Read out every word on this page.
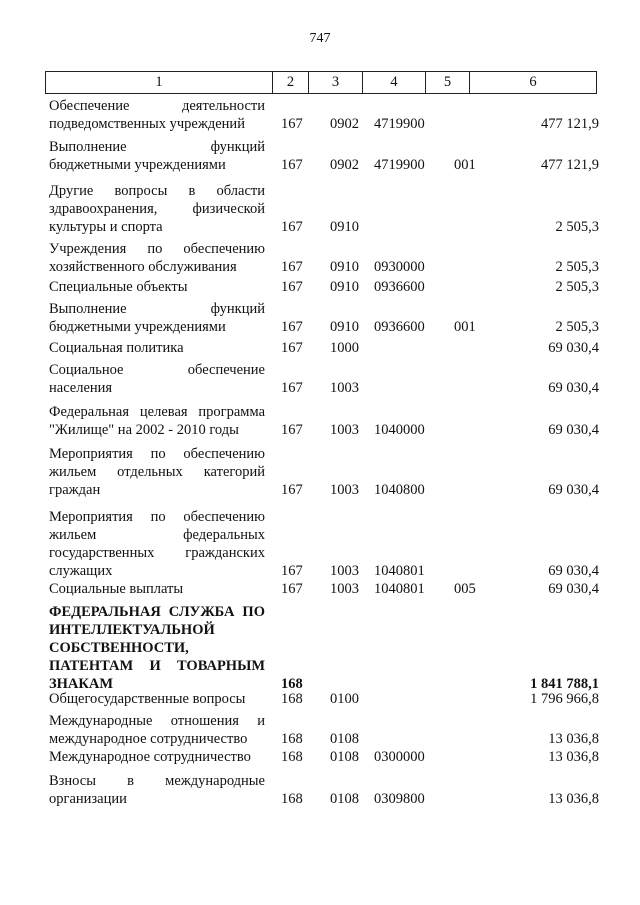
747
1	2	3	4	5	6
Обеспечение деятельности подведомственных учреждений	167 0902 4719900	477 121,9
Выполнение функций бюджетными учреждениями	167 0902 4719900 001	477 121,9
Другие вопросы в области здравоохранения, физической культуры и спорта	167 0910	2 505,3
Учреждения по обеспечению хозяйственного обслуживания	167 0910 0930000	2 505,3
Специальные объекты	167 0910 0936600	2 505,3
Выполнение функций бюджетными учреждениями	167 0910 0936600 001	2 505,3
Социальная политика	167 1000	69 030,4
Социальное обеспечение населения	167 1003	69 030,4
Федеральная целевая программа "Жилище" на 2002 - 2010 годы	167 1003 1040000	69 030,4
Мероприятия по обеспечению жильем отдельных категорий граждан	167 1003 1040800	69 030,4
Мероприятия по обеспечению жильем федеральных государственных гражданских служащих	167 1003 1040801	69 030,4
Социальные выплаты	167 1003 1040801 005	69 030,4
ФЕДЕРАЛЬНАЯ СЛУЖБА ПО ИНТЕЛЛЕКТУАЛЬНОЙ СОБСТВЕННОСТИ, ПАТЕНТАМ И ТОВАРНЫМ ЗНАКАМ	168	1 841 788,1
Общегосударственные вопросы	168 0100	1 796 966,8
Международные отношения и международное сотрудничество	168 0108	13 036,8
Международное сотрудничество	168 0108 0300000	13 036,8
Взносы в международные организации	168 0108 0309800	13 036,8
